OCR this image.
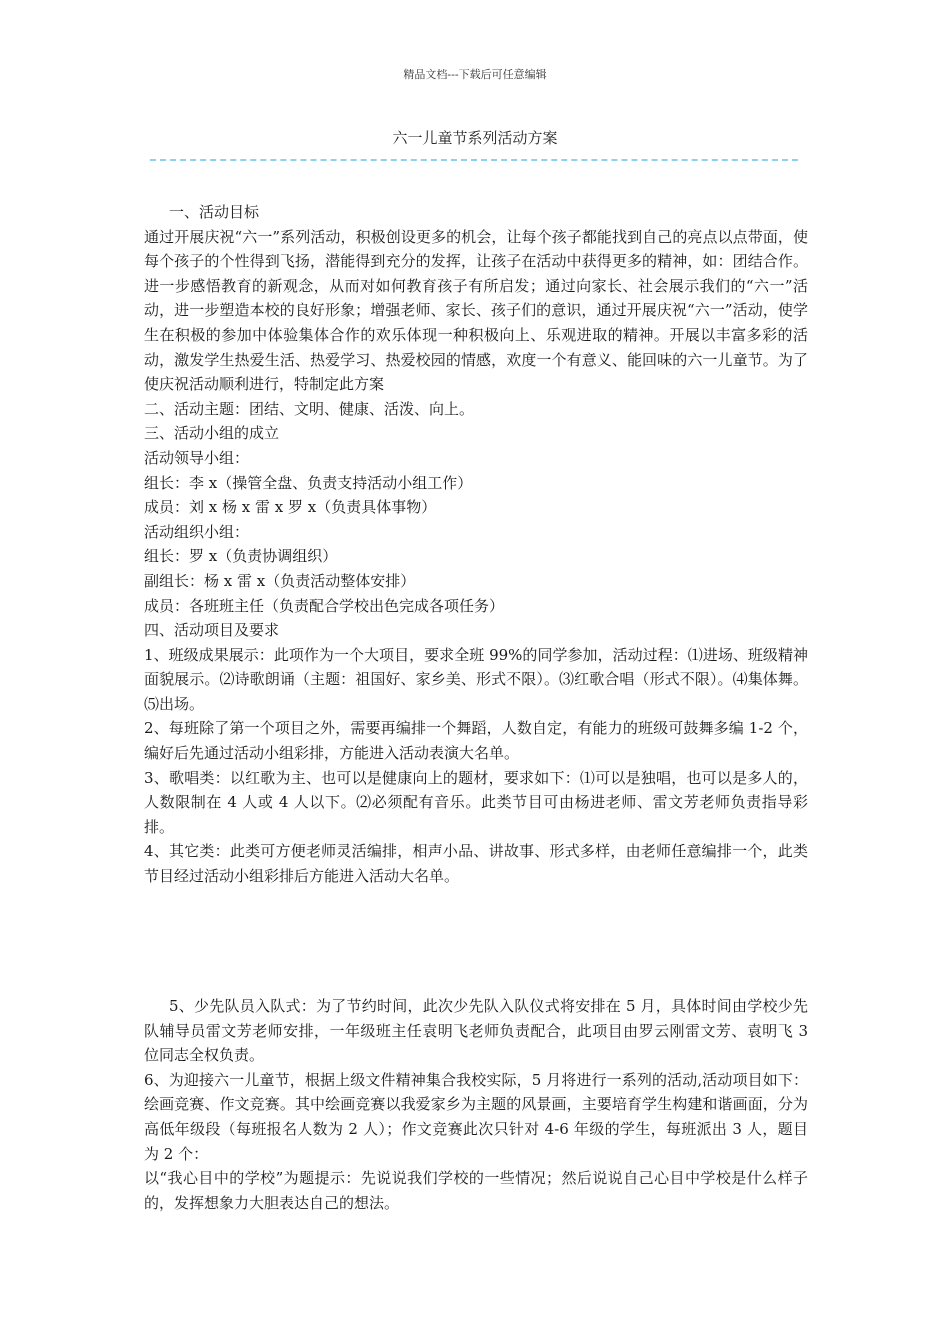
精品文档---下载后可任意编辑
六一儿童节系列活动方案

一、活动目标

通过开展庆祝“六一”系列活动，积极创设更多的机会，让每个孩子都能找到自己的亮点以点带面，使每个孩子的个性得到飞扬，潜能得到充分的发挥，让孩子在活动中获得更多的精神，如：团结合作。进一步感悟教育的新观念，从而对如何教育孩子有所启发；通过向家长、社会展示我们的“六一”活动，进一步塑造本校的良好形象；增强老师、家长、孩子们的意识，通过开展庆祝“六一”活动，使学生在积极的参加中体验集体合作的欢乐体现一种积极向上、乐观进取的精神。开展以丰富多彩的活动，激发学生热爱生活、热爱学习、热爱校园的情感，欢度一个有意义、能回味的六一儿童节。为了使庆祝活动顺利进行，特制定此方案

二、活动主题：团结、文明、健康、活泼、向上。

三、活动小组的成立

活动领导小组：

组长：李 x（操管全盘、负责支持活动小组工作）

成员：刘 x 杨 x 雷 x 罗 x（负责具体事物）

活动组织小组：

组长：罗 x（负责协调组织）

副组长：杨 x 雷 x（负责活动整体安排）

成员：各班班主任（负责配合学校出色完成各项任务）

四、活动项目及要求

1、班级成果展示：此项作为一个大项目，要求全班 99%的同学参加，活动过程：⑴进场、班级精神面貌展示。⑵诗歌朗诵（主题：祖国好、家乡美、形式不限）。⑶红歌合唱（形式不限）。⑷集体舞。⑸出场。

2、每班除了第一个项目之外，需要再编排一个舞蹈，人数自定，有能力的班级可鼓舞多编 1-2 个，编好后先通过活动小组彩排，方能进入活动表演大名单。

3、歌唱类：以红歌为主、也可以是健康向上的题材，要求如下：⑴可以是独唱，也可以是多人的，人数限制在 4 人或 4 人以下。⑵必须配有音乐。此类节目可由杨进老师、雷文芳老师负责指导彩排。

4、其它类：此类可方便老师灵活编排，相声小品、讲故事、形式多样，由老师任意编排一个，此类节目经过活动小组彩排后方能进入活动大名单。

5、少先队员入队式：为了节约时间，此次少先队入队仪式将安排在 5 月，具体时间由学校少先队辅导员雷文芳老师安排，一年级班主任袁明飞老师负责配合，此项目由罗云刚雷文芳、袁明飞 3 位同志全权负责。

6、为迎接六一儿童节，根据上级文件精神集合我校实际，5 月将进行一系列的活动,活动项目如下：绘画竞赛、作文竞赛。其中绘画竞赛以我爱家乡为主题的风景画，主要培育学生构建和谐画面，分为高低年级段（每班报名人数为 2 人）；作文竞赛此次只针对 4-6 年级的学生，每班派出 3 人，题目为 2 个：

以“我心目中的学校”为题提示：先说说我们学校的一些情况；然后说说自己心目中学校是什么样子的，发挥想象力大胆表达自己的想法。
